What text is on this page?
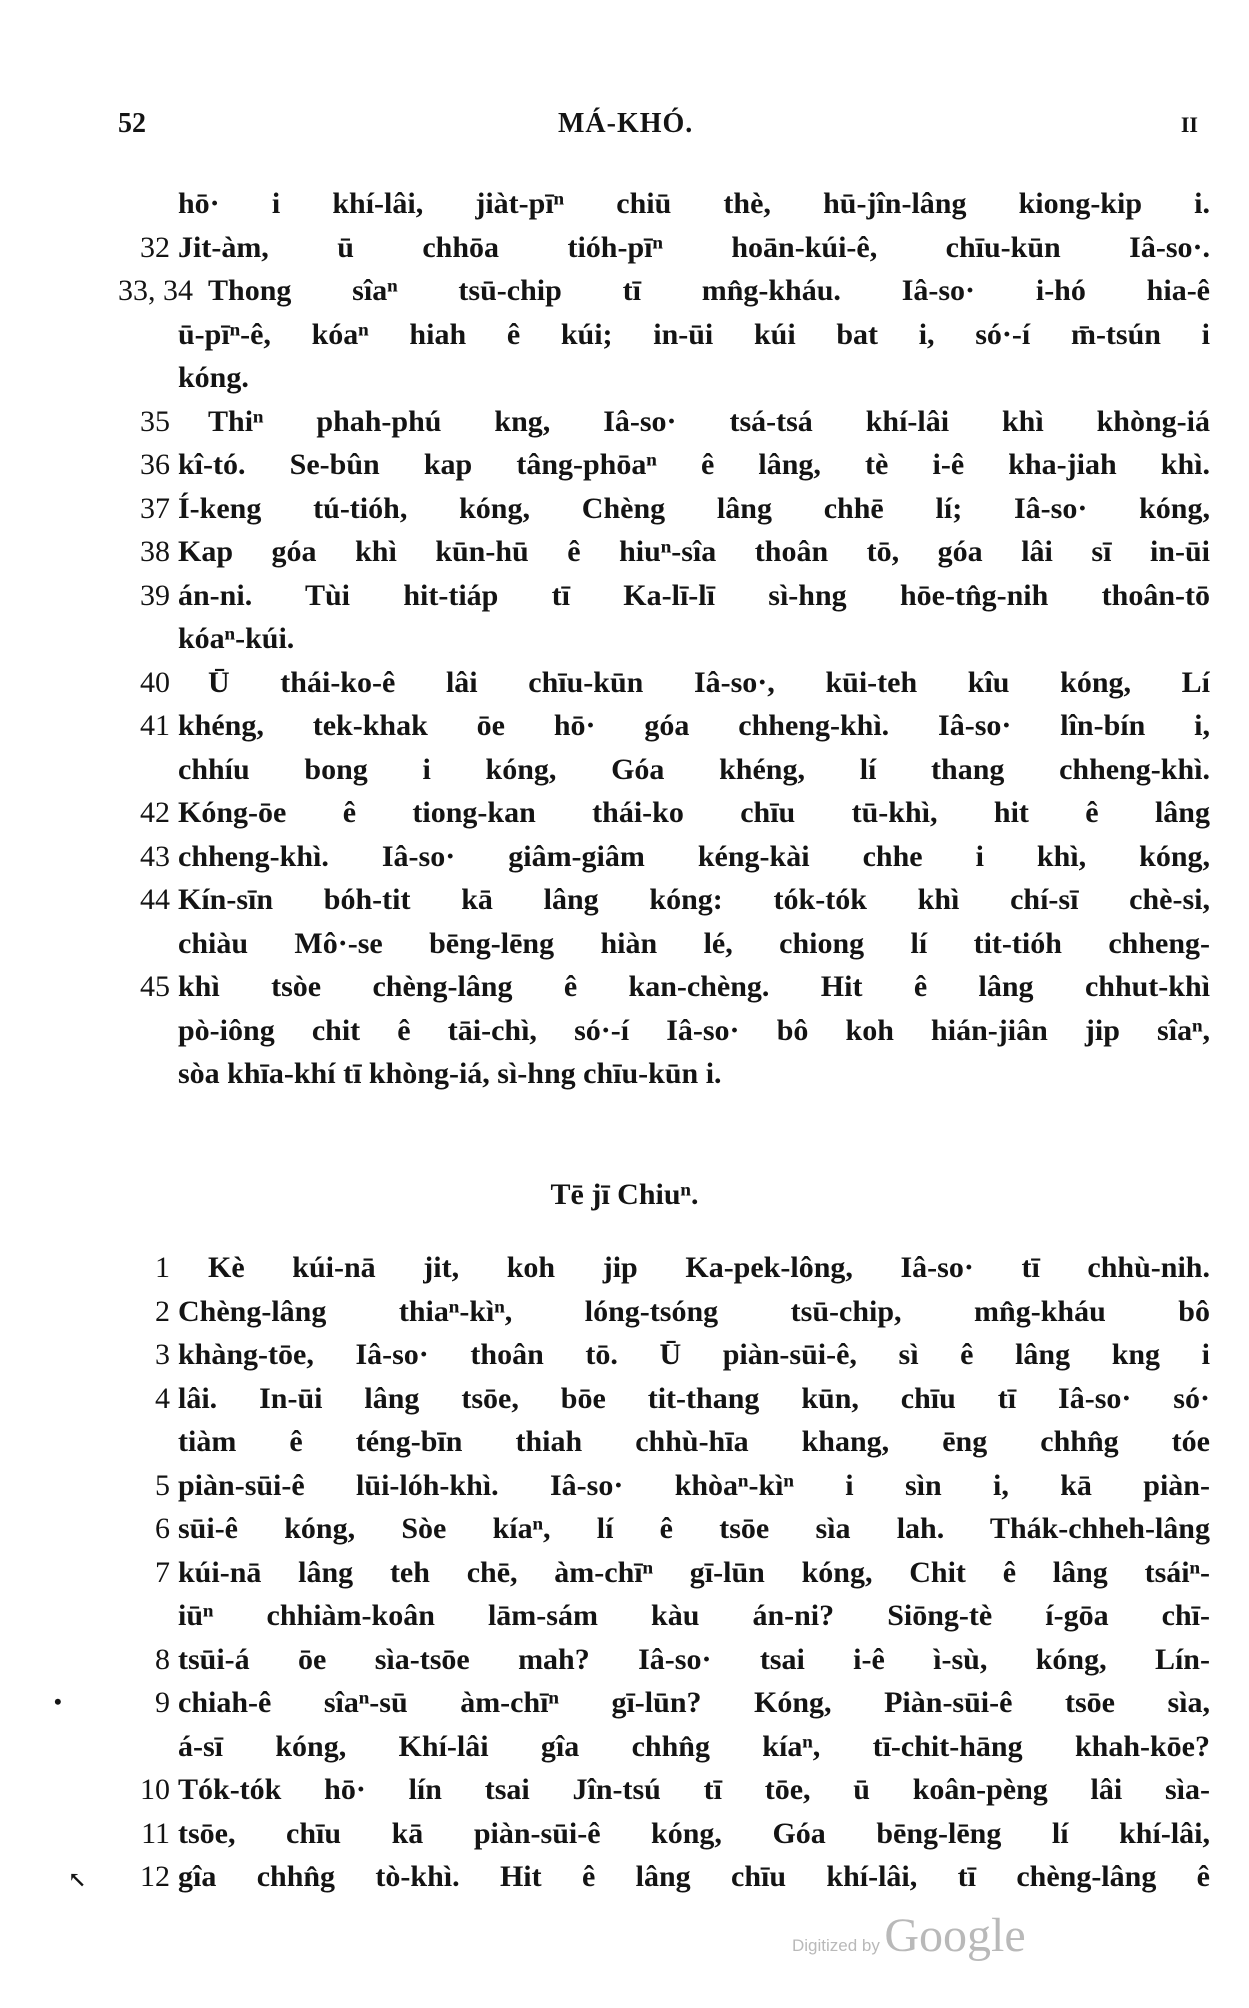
52	MÁ-KHÓ.	II
hō· i khí-lâi, jiàt-pīⁿ chiū thè, hū-jîn-lâng kiong-kip i.
32 Jit-àm, ū chhōa tióh-pīⁿ hoān-kúi-ê, chīu-kūn Iâ-so·.
33, 34 Thong sîaⁿ tsū-chip tī mn̂g-kháu. Iâ-so· i-hó hia-ê
ū-pīⁿ-ê, kóaⁿ hiah ê kúi; in-ūi kúi bat i, só·-í m̄-tsún i
kóng.
35	Thiⁿ phah-phú kng, Iâ-so· tsá-tsá khí-lâi khì khòng-iá
36 kî-tó. Se-bûn kap tâng-phōaⁿ ê lâng, tè i-ê kha-jiah khì.
37 Í-keng tú-tióh, kóng, Chèng lâng chhē lí; Iâ-so· kóng,
38 Kap góa khì kūn-hū ê hiuⁿ-sîa thoân tō, góa lâi sī in-ūi
39 án-ni. Tùi hit-tiáp tī Ka-lī-lī sì-hng hōe-tn̂g-nih thoân-tō
kóaⁿ-kúi.
40	Ū thái-ko-ê lâi chīu-kūn Iâ-so·, kūi-teh kîu kóng, Lí
41 khéng, tek-khak ōe hō· góa chheng-khì. Iâ-so· lîn-bín i,
chhíu bong i kóng, Góa khéng, lí thang chheng-khì.
42 Kóng-ōe ê tiong-kan thái-ko chīu tū-khì, hit ê lâng
43 chheng-khì. Iâ-so· giâm-giâm kéng-kài chhe i khì, kóng,
44 Kín-sīn bóh-tit kā lâng kóng: tók-tók khì chí-sī chè-si,
chiàu Mô·-se bēng-lēng hiàn lé, chiong lí tit-tióh chheng-
45 khì tsòe chèng-lâng ê kan-chèng. Hit ê lâng chhut-khì
pò-iông chit ê tāi-chì, só·-í Iâ-so· bô koh hián-jiân jip sîaⁿ,
sòa khīa-khí tī khòng-iá, sì-hng chīu-kūn i.
Tē jī Chiuⁿ.
1	Kè kúi-nā jit, koh jip Ka-pek-lông, Iâ-so· tī chhù-nih.
2 Chèng-lâng thiaⁿ-kìⁿ, lóng-tsóng tsū-chip, mn̂g-kháu bô
3 khàng-tōe, Iâ-so· thoân tō. Ū piàn-sūi-ê, sì ê lâng kng i
4 lâi. In-ūi lâng tsōe, bōe tit-thang kūn, chīu tī Iâ-so· só·
tiàm ê téng-bīn thiah chhù-hīa khang, ēng chhn̂g tóe
5 piàn-sūi-ê lūi-lóh-khì. Iâ-so· khòaⁿ-kìⁿ i sìn i, kā piàn-
6 sūi-ê kóng, Sòe kíaⁿ, lí ê tsōe sìa lah. Thák-chheh-lâng
7 kúi-nā lâng teh chē, àm-chīⁿ gī-lūn kóng, Chit ê lâng tsáiⁿ-
iūⁿ chhiàm-koân lām-sám kàu án-ni? Siōng-tè í-gōa chī-
8 tsūi-á ōe sìa-tsōe mah? Iâ-so· tsai i-ê ì-sù, kóng, Lín-
9 chiah-ê sîaⁿ-sū àm-chīⁿ gī-lūn? Kóng, Piàn-sūi-ê tsōe sìa,
á-sī kóng, Khí-lâi gîa chhn̂g kíaⁿ, tī-chit-hāng khah-kōe?
10 Tók-tók hō· lín tsai Jîn-tsú tī tōe, ū koân-pèng lâi sìa-
11 tsōe, chīu kā piàn-sūi-ê kóng, Góa bēng-lēng lí khí-lâi,
12 gîa chhn̂g tò-khì. Hit ê lâng chīu khí-lâi, tī chèng-lâng ê
•
↖
Digitized by Google
